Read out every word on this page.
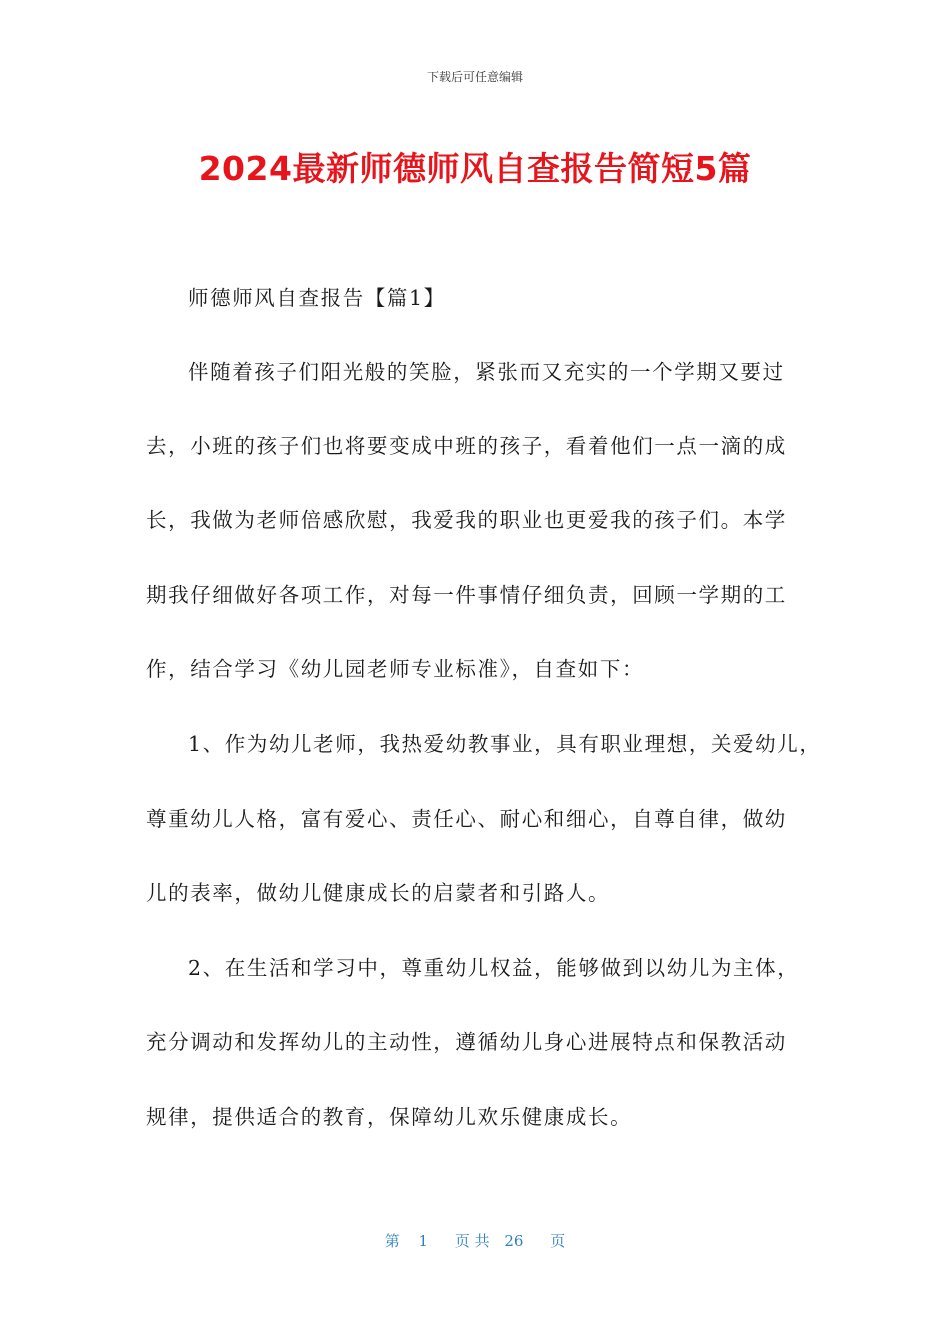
下载后可任意编辑
2024最新师德师风自查报告简短5篇
师德师风自查报告【篇1】
伴随着孩子们阳光般的笑脸，紧张而又充实的一个学期又要过
去，小班的孩子们也将要变成中班的孩子，看着他们一点一滴的成
长，我做为老师倍感欣慰，我爱我的职业也更爱我的孩子们。本学
期我仔细做好各项工作，对每一件事情仔细负责，回顾一学期的工
作，结合学习《幼儿园老师专业标准》，自查如下：
1、作为幼儿老师，我热爱幼教事业，具有职业理想，关爱幼儿，
尊重幼儿人格，富有爱心、责任心、耐心和细心，自尊自律，做幼
儿的表率，做幼儿健康成长的启蒙者和引路人。
2、在生活和学习中，尊重幼儿权益，能够做到以幼儿为主体，
充分调动和发挥幼儿的主动性，遵循幼儿身心进展特点和保教活动
规律，提供适合的教育，保障幼儿欢乐健康成长。
第 1 页 共 26 页
